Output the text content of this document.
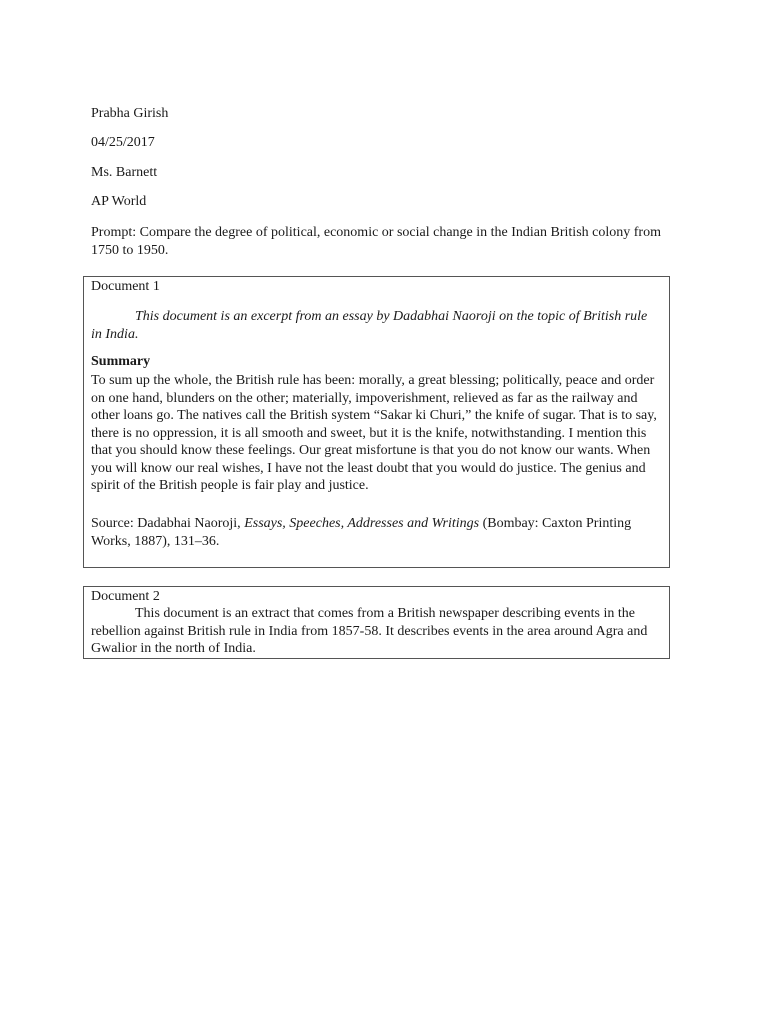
Prabha Girish
04/25/2017
Ms. Barnett
AP World
Prompt: Compare the degree of political, economic or social change in the Indian British colony from 1750 to 1950.
Document 1
This document is an excerpt from an essay by Dadabhai Naoroji on the topic of British rule in India.
Summary
To sum up the whole, the British rule has been: morally, a great blessing; politically, peace and order on one hand, blunders on the other; materially, impoverishment, relieved as far as the railway and other loans go. The natives call the British system “Sakar ki Churi,” the knife of sugar. That is to say, there is no oppression, it is all smooth and sweet, but it is the knife, notwithstanding. I mention this that you should know these feelings. Our great misfortune is that you do not know our wants. When you will know our real wishes, I have not the least doubt that you would do justice. The genius and spirit of the British people is fair play and justice.
Source: Dadabhai Naoroji, Essays, Speeches, Addresses and Writings (Bombay: Caxton Printing Works, 1887), 131–36.
Document 2
This document is an extract that comes from a British newspaper describing events in the rebellion against British rule in India from 1857-58. It describes events in the area around Agra and Gwalior in the north of India.
